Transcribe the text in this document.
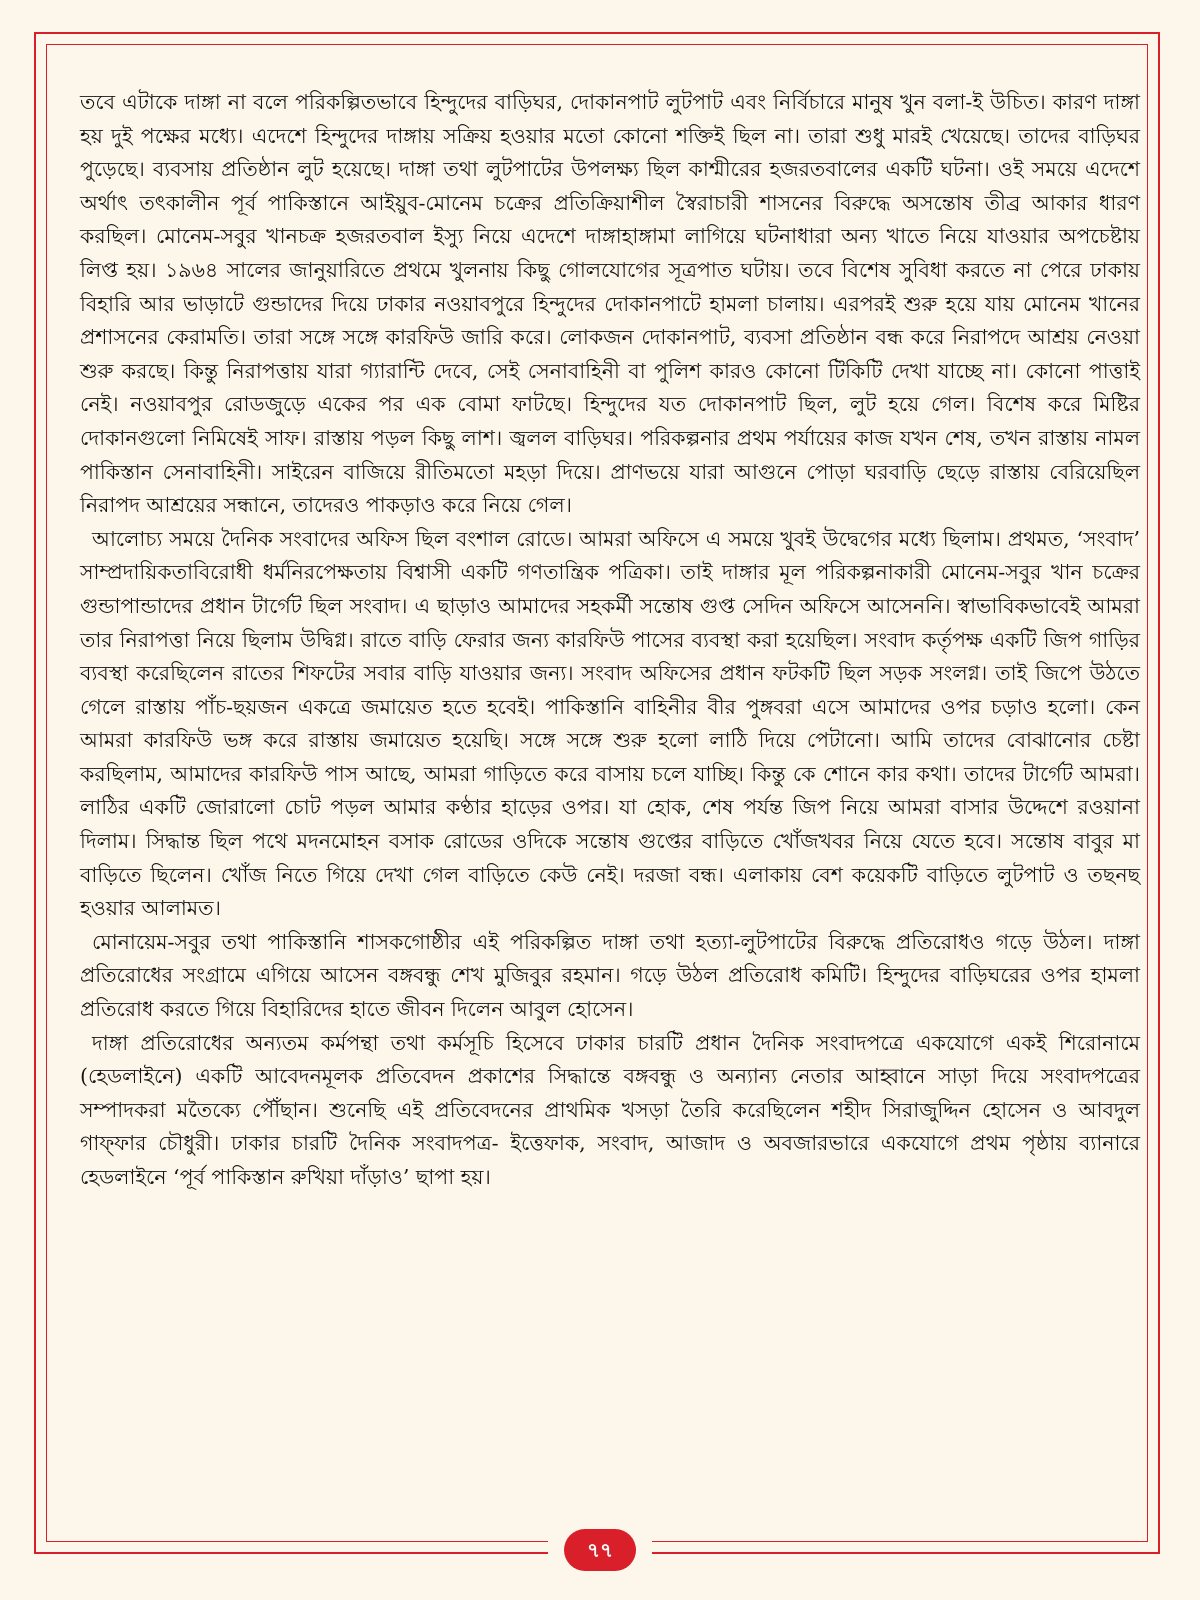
তবে এটাকে দাঙ্গা না বলে পরিকল্পিতভাবে হিন্দুদের বাড়িঘর, দোকানপাট লুটপাট এবং নির্বিচারে মানুষ খুন বলা-ই উচিত। কারণ দাঙ্গা হয় দুই পক্ষের মধ্যে। এদেশে হিন্দুদের দাঙ্গায় সক্রিয় হওয়ার মতো কোনো শক্তিই ছিল না। তারা শুধু মারই খেয়েছে। তাদের বাড়িঘর পুড়েছে। ব্যবসায় প্রতিষ্ঠান লুট হয়েছে। দাঙ্গা তথা লুটপাটের উপলক্ষ্য ছিল কাশ্মীরের হজরতবালের একটি ঘটনা। ওই সময়ে এদেশে অর্থাৎ তৎকালীন পূর্ব পাকিস্তানে আইয়ুব-মোনেম চক্রের প্রতিক্রিয়াশীল স্বৈরাচারী শাসনের বিরুদ্ধে অসন্তোষ তীব্র আকার ধারণ করছিল। মোনেম-সবুর খানচক্র হজরতবাল ইস্যু নিয়ে এদেশে দাঙ্গাহাঙ্গামা লাগিয়ে ঘটনাধারা অন্য খাতে নিয়ে যাওয়ার অপচেষ্টায় লিপ্ত হয়। ১৯৬৪ সালের জানুয়ারিতে প্রথমে খুলনায় কিছু গোলযোগের সূত্রপাত ঘটায়। তবে বিশেষ সুবিধা করতে না পেরে ঢাকায় বিহারি আর ভাড়াটে গুন্ডাদের দিয়ে ঢাকার নওয়াবপুরে হিন্দুদের দোকানপাটে হামলা চালায়। এরপরই শুরু হয়ে যায় মোনেম খানের প্রশাসনের কেরামতি। তারা সঙ্গে সঙ্গে কারফিউ জারি করে। লোকজন দোকানপাট, ব্যবসা প্রতিষ্ঠান বন্ধ করে নিরাপদে আশ্রয় নেওয়া শুরু করছে। কিন্তু নিরাপত্তায় যারা গ্যারান্টি দেবে, সেই সেনাবাহিনী বা পুলিশ কারও কোনো টিকিটি দেখা যাচ্ছে না। কোনো পাত্তাই নেই। নওয়াবপুর রোডজুড়ে একের পর এক বোমা ফাটছে। হিন্দুদের যত দোকানপাট ছিল, লুট হয়ে গেল। বিশেষ করে মিষ্টির দোকানগুলো নিমিষেই সাফ। রাস্তায় পড়ল কিছু লাশ। জ্বলল বাড়িঘর। পরিকল্পনার প্রথম পর্যায়ের কাজ যখন শেষ, তখন রাস্তায় নামল পাকিস্তান সেনাবাহিনী। সাইরেন বাজিয়ে রীতিমতো মহড়া দিয়ে। প্রাণভয়ে যারা আগুনে পোড়া ঘরবাড়ি ছেড়ে রাস্তায় বেরিয়েছিল নিরাপদ আশ্রয়ের সন্ধানে, তাদেরও পাকড়াও করে নিয়ে গেল।

আলোচ্য সময়ে দৈনিক সংবাদের অফিস ছিল বংশাল রোডে। আমরা অফিসে এ সময়ে খুবই উদ্বেগের মধ্যে ছিলাম। প্রথমত, ‘সংবাদ’ সাম্প্রদায়িকতাবিরোধী ধর্মনিরপেক্ষতায় বিশ্বাসী একটি গণতান্ত্রিক পত্রিকা। তাই দাঙ্গার মূল পরিকল্পনাকারী মোনেম-সবুর খান চক্রের গুন্ডাপান্ডাদের প্রধান টার্গেট ছিল সংবাদ। এ ছাড়াও আমাদের সহকর্মী সন্তোষ গুপ্ত সেদিন অফিসে আসেননি। স্বাভাবিকভাবেই আমরা তার নিরাপত্তা নিয়ে ছিলাম উদ্বিগ্ন। রাতে বাড়ি ফেরার জন্য কারফিউ পাসের ব্যবস্থা করা হয়েছিল। সংবাদ কর্তৃপক্ষ একটি জিপ গাড়ির ব্যবস্থা করেছিলেন রাতের শিফটের সবার বাড়ি যাওয়ার জন্য। সংবাদ অফিসের প্রধান ফটকটি ছিল সড়ক সংলগ্ন। তাই জিপে উঠতে গেলে রাস্তায় পাঁচ-ছয়জন একত্রে জমায়েত হতে হবেই। পাকিস্তানি বাহিনীর বীর পুঙ্গবরা এসে আমাদের ওপর চড়াও হলো। কেন আমরা কারফিউ ভঙ্গ করে রাস্তায় জমায়েত হয়েছি। সঙ্গে সঙ্গে শুরু হলো লাঠি দিয়ে পেটানো। আমি তাদের বোঝানোর চেষ্টা করছিলাম, আমাদের কারফিউ পাস আছে, আমরা গাড়িতে করে বাসায় চলে যাচ্ছি। কিন্তু কে শোনে কার কথা। তাদের টার্গেট আমরা। লাঠির একটি জোরালো চোট পড়ল আমার কণ্ঠার হাড়ের ওপর। যা হোক, শেষ পর্যন্ত জিপ নিয়ে আমরা বাসার উদ্দেশে রওয়ানা দিলাম। সিদ্ধান্ত ছিল পথে মদনমোহন বসাক রোডের ওদিকে সন্তোষ গুপ্তের বাড়িতে খোঁজখবর নিয়ে যেতে হবে। সন্তোষ বাবুর মা বাড়িতে ছিলেন। খোঁজ নিতে গিয়ে দেখা গেল বাড়িতে কেউ নেই। দরজা বন্ধ। এলাকায় বেশ কয়েকটি বাড়িতে লুটপাট ও তছনছ হওয়ার আলামত।

মোনায়েম-সবুর তথা পাকিস্তানি শাসকগোষ্ঠীর এই পরিকল্পিত দাঙ্গা তথা হত্যা-লুটপাটের বিরুদ্ধে প্রতিরোধও গড়ে উঠল। দাঙ্গা প্রতিরোধের সংগ্রামে এগিয়ে আসেন বঙ্গবন্ধু শেখ মুজিবুর রহমান। গড়ে উঠল প্রতিরোধ কমিটি। হিন্দুদের বাড়িঘরের ওপর হামলা প্রতিরোধ করতে গিয়ে বিহারিদের হাতে জীবন দিলেন আবুল হোসেন।

দাঙ্গা প্রতিরোধের অন্যতম কর্মপন্থা তথা কর্মসূচি হিসেবে ঢাকার চারটি প্রধান দৈনিক সংবাদপত্রে একযোগে একই শিরোনামে (হেডলাইনে) একটি আবেদনমূলক প্রতিবেদন প্রকাশের সিদ্ধান্তে বঙ্গবন্ধু ও অন্যান্য নেতার আহ্বানে সাড়া দিয়ে সংবাদপত্রের সম্পাদকরা মতৈক্যে পৌঁছান। শুনেছি এই প্রতিবেদনের প্রাথমিক খসড়া তৈরি করেছিলেন শহীদ সিরাজুদ্দিন হোসেন ও আবদুল গাফ্ফার চৌধুরী। ঢাকার চারটি দৈনিক সংবাদপত্র- ইত্তেফাক, সংবাদ, আজাদ ও অবজারভারে একযোগে প্রথম পৃষ্ঠায় ব্যানারে হেডলাইনে ‘পূর্ব পাকিস্তান রুখিয়া দাঁড়াও’ ছাপা হয়।

৭৭
